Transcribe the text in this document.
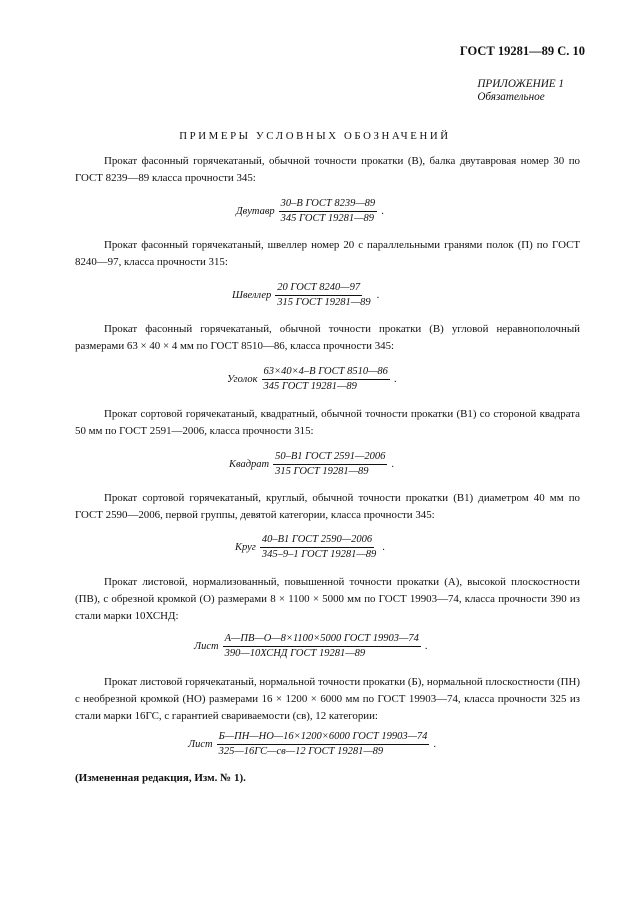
ГОСТ 19281—89 С. 10
ПРИЛОЖЕНИЕ 1
Обязательное
ПРИМЕРЫ УСЛОВНЫХ ОБОЗНАЧЕНИЙ
Прокат фасонный горячекатаный, обычной точности прокатки (В), балка двутавровая номер 30 по ГОСТ 8239—89 класса прочности 345:
Двутавр $\frac{\text{30–В ГОСТ 8239—89}}{\text{345 ГОСТ 19281—89}}$ .
Прокат фасонный горячекатаный, швеллер номер 20 с параллельными гранями полок (П) по ГОСТ 8240—97, класса прочности 315:
Швеллер $\frac{\text{20 ГОСТ 8240—97}}{\text{315 ГОСТ 19281—89}}$ .
Прокат фасонный горячекатаный, обычной точности прокатки (В) угловой неравнополочный размерами 63 × 40 × 4 мм по ГОСТ 8510—86, класса прочности 345:
Уголок $\frac{\text{63×40×4–В ГОСТ 8510—86}}{\text{345 ГОСТ 19281—89}}$ .
Прокат сортовой горячекатаный, квадратный, обычной точности прокатки (В1) со стороной квадрата 50 мм по ГОСТ 2591—2006, класса прочности 315:
Квадрат $\frac{\text{50–В1 ГОСТ 2591—2006}}{\text{315 ГОСТ 19281—89}}$ .
Прокат сортовой горячекатаный, круглый, обычной точности прокатки (В1) диаметром 40 мм по ГОСТ 2590—2006, первой группы, девятой категории, класса прочности 345:
Круг $\frac{\text{40–В1 ГОСТ 2590—2006}}{\text{345–9–1 ГОСТ 19281—89}}$ .
Прокат листовой, нормализованный, повышенной точности прокатки (А), высокой плоскостности (ПВ), с обрезной кромкой (О) размерами 8 × 1100 × 5000 мм по ГОСТ 19903—74, класса прочности 390 из стали марки 10ХСНД:
Лист $\frac{\text{А—ПВ—О—8×1100×5000 ГОСТ 19903—74}}{\text{390—10ХСНД ГОСТ 19281—89}}$ .
Прокат листовой горячекатаный, нормальной точности прокатки (Б), нормальной плоскостности (ПН) с необрезной кромкой (НО) размерами 16 × 1200 × 6000 мм по ГОСТ 19903—74, класса прочности 325 из стали марки 16ГС, с гарантией свариваемости (св), 12 категории:
Лист $\frac{\text{Б—ПН—НО—16×1200×6000 ГОСТ 19903—74}}{\text{325—16ГС—св—12 ГОСТ 19281—89}}$ .
(Измененная редакция, Изм. № 1).
